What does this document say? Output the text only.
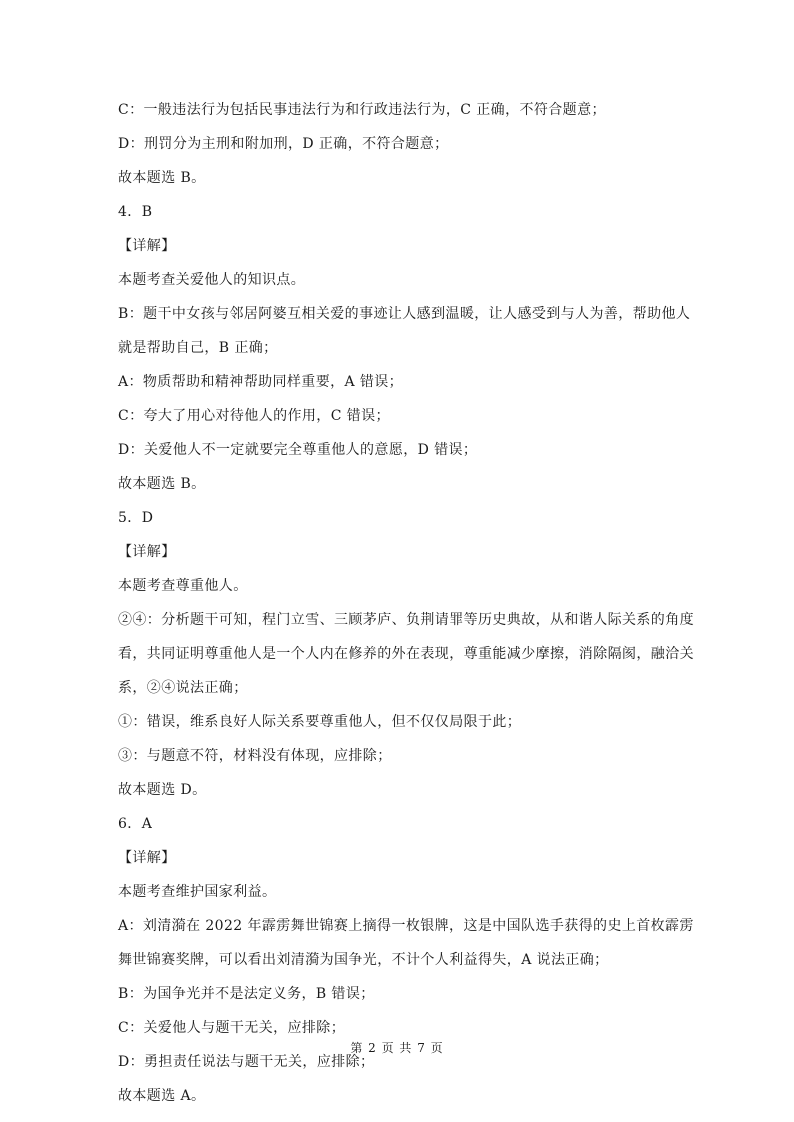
C：一般违法行为包括民事违法行为和行政违法行为，C 正确，不符合题意；
D：刑罚分为主刑和附加刑，D 正确，不符合题意；
故本题选 B。
4．B
【详解】
本题考查关爱他人的知识点。
B：题干中女孩与邻居阿婆互相关爱的事迹让人感到温暖，让人感受到与人为善，帮助他人就是帮助自己，B 正确；
A：物质帮助和精神帮助同样重要，A 错误；
C：夸大了用心对待他人的作用，C 错误；
D：关爱他人不一定就要完全尊重他人的意愿，D 错误；
故本题选 B。
5．D
【详解】
本题考查尊重他人。
②④：分析题干可知，程门立雪、三顾茅庐、负荆请罪等历史典故，从和谐人际关系的角度看，共同证明尊重他人是一个人内在修养的外在表现，尊重能减少摩擦，消除隔阂，融洽关系，②④说法正确；
①：错误，维系良好人际关系要尊重他人，但不仅仅局限于此；
③：与题意不符，材料没有体现，应排除；
故本题选 D。
6．A
【详解】
本题考查维护国家利益。
A：刘清漪在 2022 年霹雳舞世锦赛上摘得一枚银牌，这是中国队选手获得的史上首枚霹雳舞世锦赛奖牌，可以看出刘清漪为国争光，不计个人利益得失，A 说法正确；
B：为国争光并不是法定义务，B 错误；
C：关爱他人与题干无关，应排除；
D：勇担责任说法与题干无关，应排除；
故本题选 A。
第 2 页 共 7 页
